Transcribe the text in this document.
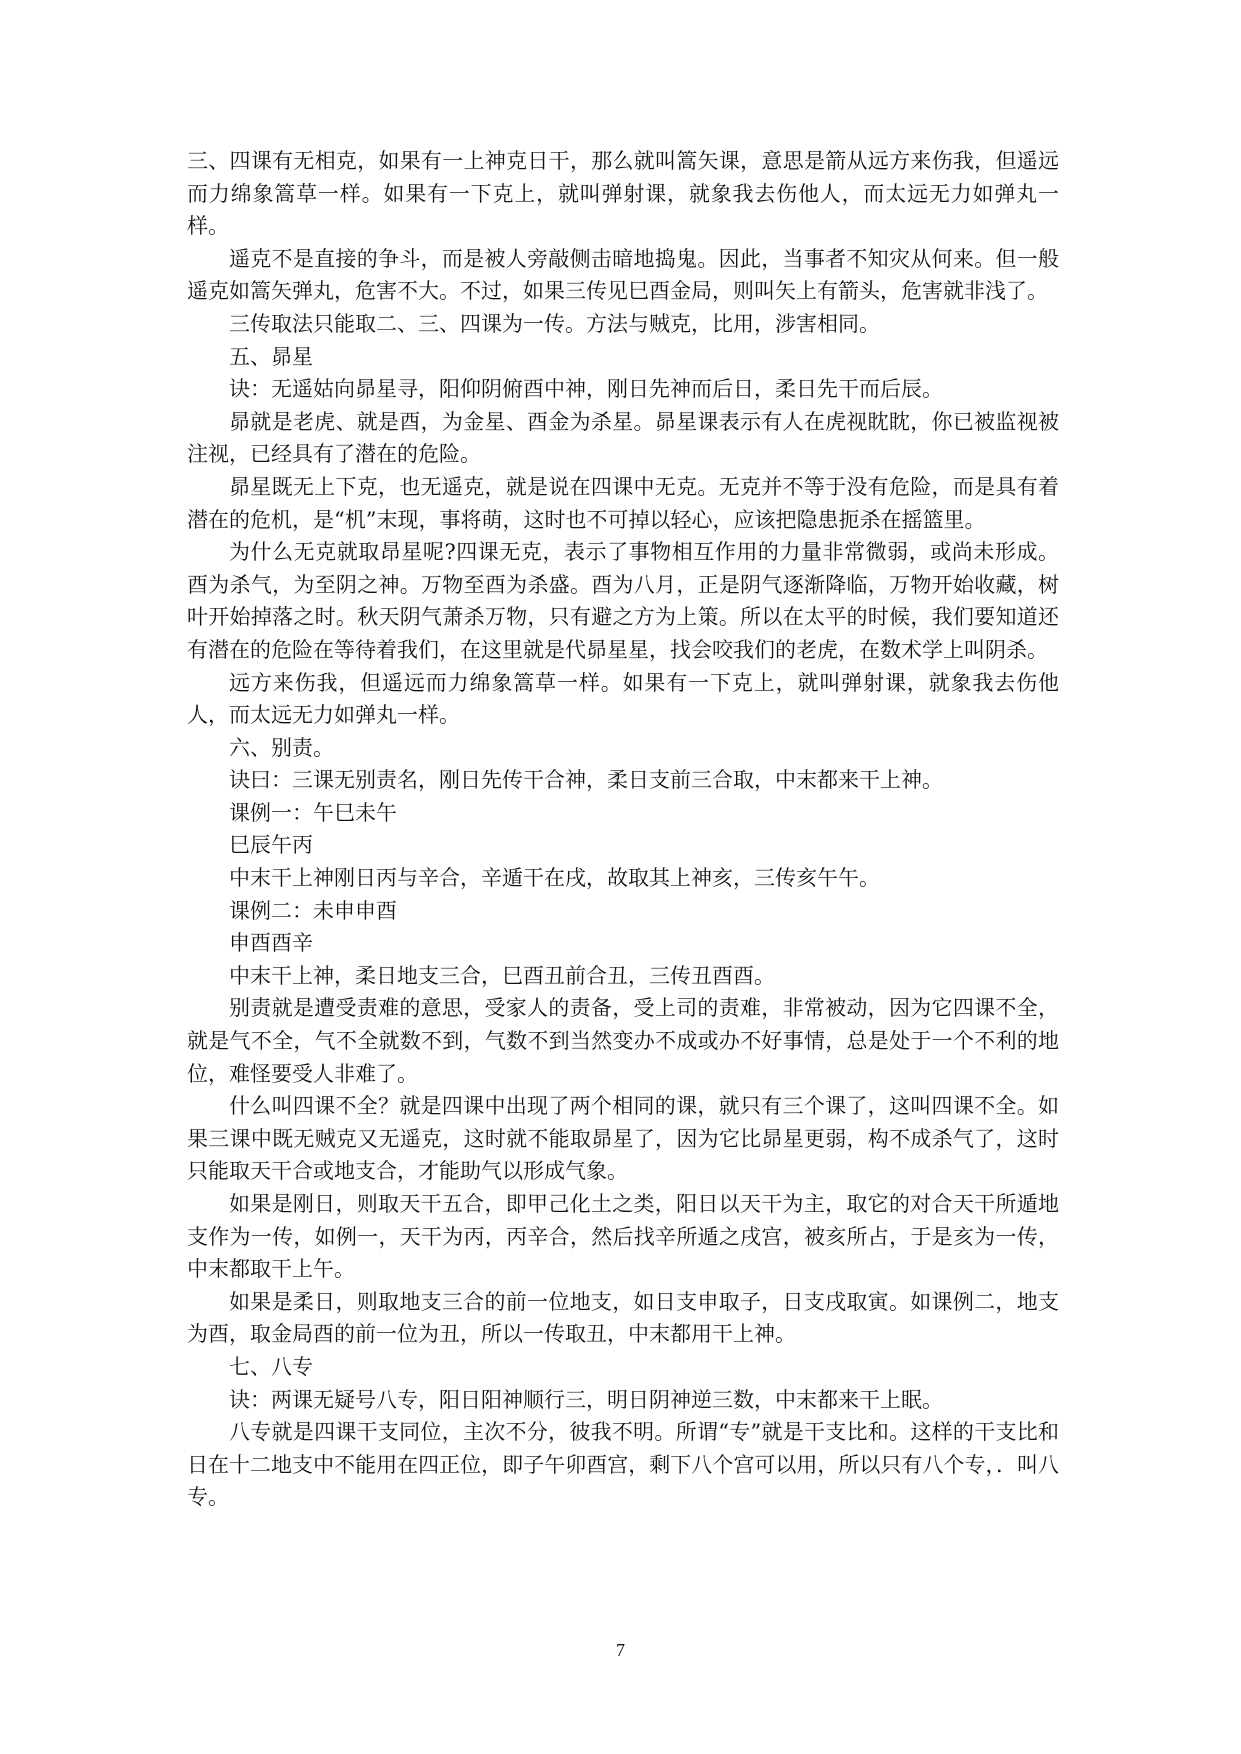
三、四课有无相克，如果有一上神克日干，那么就叫篙矢课，意思是箭从远方来伤我，但遥远而力绵象篙草一样。如果有一下克上，就叫弹射课，就象我去伤他人，而太远无力如弹丸一样。

遥克不是直接的争斗，而是被人旁敲侧击暗地捣鬼。因此，当事者不知灾从何来。但一般遥克如篙矢弹丸，危害不大。不过，如果三传见巳酉金局，则叫矢上有箭头，危害就非浅了。

三传取法只能取二、三、四课为一传。方法与贼克，比用，涉害相同。

五、昴星

诀：无遥姑向昴星寻，阳仰阴俯酉中神，刚日先神而后日，柔日先干而后辰。

昴就是老虎、就是酉，为金星、酉金为杀星。昴星课表示有人在虎视眈眈，你已被监视被注视，已经具有了潜在的危险。

昴星既无上下克，也无遥克，就是说在四课中无克。无克并不等于没有危险，而是具有着潜在的危机，是“机”末现，事将萌，这时也不可掉以轻心，应该把隐患扼杀在摇篮里。

为什么无克就取昂星呢?四课无克，表示了事物相互作用的力量非常微弱，或尚未形成。酉为杀气，为至阴之神。万物至酉为杀盛。酉为八月，正是阴气逐渐降临，万物开始收藏，树叶开始掉落之时。秋天阴气萧杀万物，只有避之方为上策。所以在太平的时候，我们要知道还有潜在的危险在等待着我们，在这里就是代昴星星，找会咬我们的老虎，在数术学上叫阴杀。

远方来伤我，但遥远而力绵象篙草一样。如果有一下克上，就叫弹射课，就象我去伤他人，而太远无力如弹丸一样。

六、别责。

诀曰：三课无别责名，刚日先传干合神，柔日支前三合取，中末都来干上神。

课例一：午巳未午

巳辰午丙

中末干上神刚日丙与辛合，辛遁干在戌，故取其上神亥，三传亥午午。

课例二：未申申酉

申酉酉辛

中末干上神，柔日地支三合，巳酉丑前合丑，三传丑酉酉。

别责就是遭受责难的意思，受家人的责备，受上司的责难，非常被动，因为它四课不全，就是气不全，气不全就数不到，气数不到当然变办不成或办不好事情，总是处于一个不利的地位，难怪要受人非难了。

什么叫四课不全？就是四课中出现了两个相同的课，就只有三个课了，这叫四课不全。如果三课中既无贼克又无遥克，这时就不能取昴星了，因为它比昴星更弱，构不成杀气了，这时只能取天干合或地支合，才能助气以形成气象。

如果是刚日，则取天干五合，即甲己化土之类，阳日以天干为主，取它的对合天干所遁地支作为一传，如例一，天干为丙，丙辛合，然后找辛所遁之戌宫，被亥所占，于是亥为一传，中末都取干上午。

如果是柔日，则取地支三合的前一位地支，如日支申取子，日支戌取寅。如课例二，地支为酉，取金局酉的前一位为丑，所以一传取丑，中末都用干上神。

七、八专

诀：两课无疑号八专，阳日阳神顺行三，明日阴神逆三数，中末都来干上眠。

八专就是四课干支同位，主次不分，彼我不明。所谓“专”就是干支比和。这样的干支比和日在十二地支中不能用在四正位，即子午卯酉宫，剩下八个宫可以用，所以只有八个专，．叫八专。

7
